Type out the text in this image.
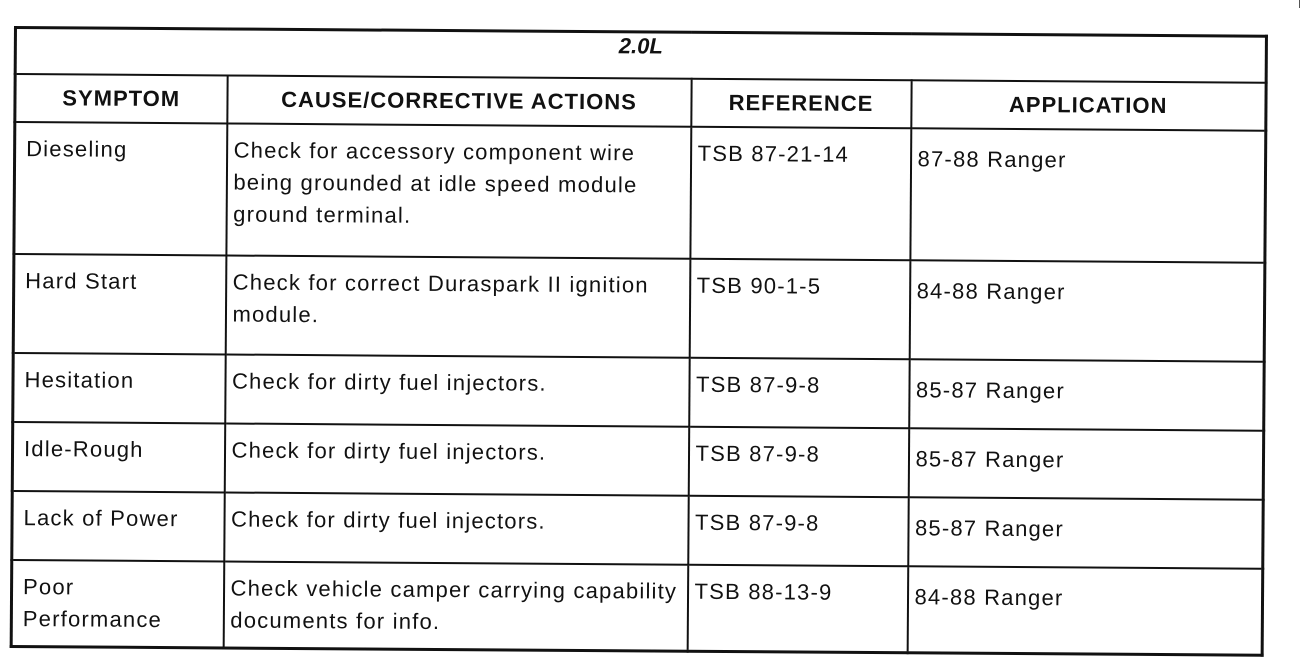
2.0L			
SYMPTOM	CAUSE/CORRECTIVE ACTIONS	REFERENCE	APPLICATION

Dieseling	Check for accessory component wire being grounded at idle speed module ground terminal.	TSB 87-21-14	87-88 Ranger

Hard Start	Check for correct Duraspark II ignition module.	TSB 90-1-5	84-88 Ranger

Hesitation	Check for dirty fuel injectors.	TSB 87-9-8	85-87 Ranger

Idle-Rough	Check for dirty fuel injectors.	TSB 87-9-8	85-87 Ranger

Lack of Power	Check for dirty fuel injectors.	TSB 87-9-8	85-87 Ranger

Poor Performance	Check vehicle camper carrying capability documents for info.	TSB 88-13-9	84-88 Ranger
